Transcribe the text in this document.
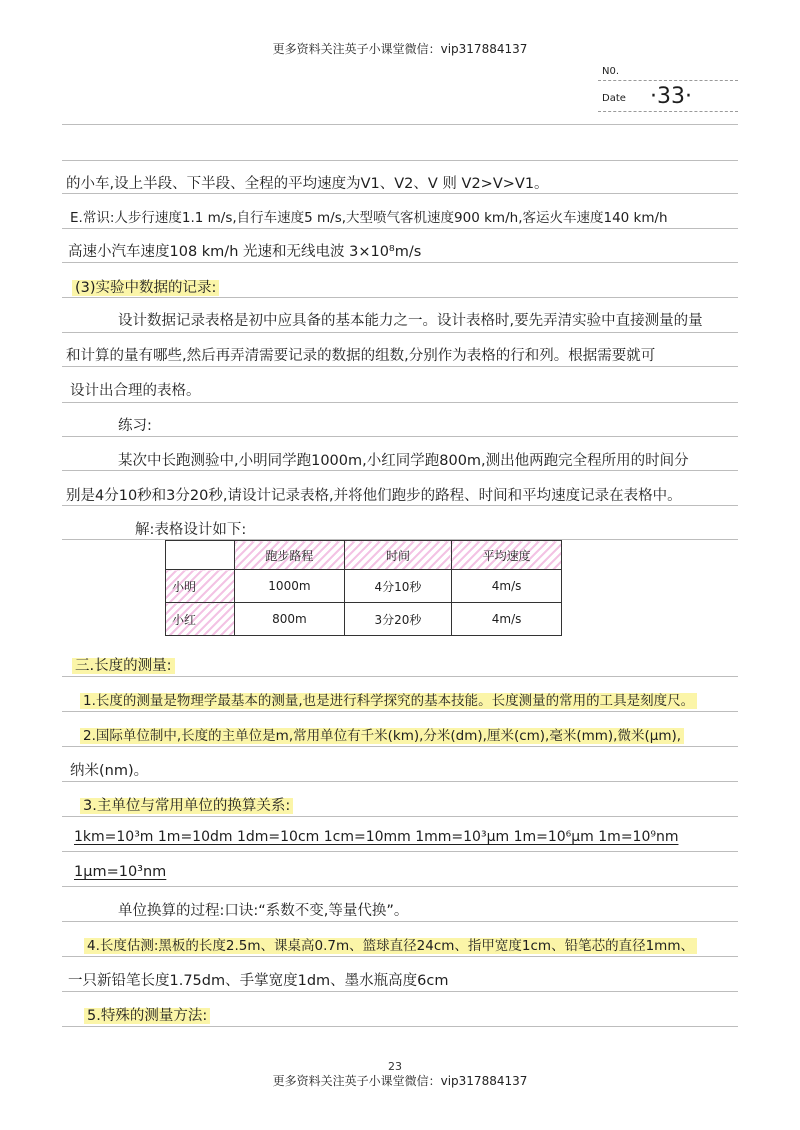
更多资料关注英子小课堂微信：vip317884137
更多资料关注英子小课堂微信：vip317884137
23
N0.
Date ·33·
的小车,设上半段、下半段、全程的平均速度为V1、V2、V 则 V2>V>V1。
E.常识:人步行速度1.1 m/s,自行车速度5 m/s,大型喷气客机速度900 km/h,客运火车速度140 km/h
高速小汽车速度108 km/h 光速和无线电波 3×10⁸m/s
(3)实验中数据的记录:
设计数据记录表格是初中应具备的基本能力之一。设计表格时,要先弄清实验中直接测量的量
和计算的量有哪些,然后再弄清需要记录的数据的组数,分别作为表格的行和列。根据需要就可
设计出合理的表格。
练习:
某次中长跑测验中,小明同学跑1000m,小红同学跑800m,测出他两跑完全程所用的时间分
别是4分10秒和3分20秒,请设计记录表格,并将他们跑步的路程、时间和平均速度记录在表格中。
解:表格设计如下:
	跑步路程	时间	平均速度
小明	1000m	4分10秒	4m/s
小红	800m	3分20秒	4m/s
三.长度的测量:
1.长度的测量是物理学最基本的测量,也是进行科学探究的基本技能。长度测量的常用的工具是刻度尺。
2.国际单位制中,长度的主单位是m,常用单位有千米(km),分米(dm),厘米(cm),毫米(mm),微米(μm),
纳米(nm)。
3.主单位与常用单位的换算关系:
1km=10³m 1m=10dm 1dm=10cm 1cm=10mm 1mm=10³μm 1m=10⁶μm 1m=10⁹nm
1μm=10³nm
单位换算的过程:口诀:“系数不变,等量代换”。
4.长度估测:黑板的长度2.5m、课桌高0.7m、篮球直径24cm、指甲宽度1cm、铅笔芯的直径1mm、
一只新铅笔长度1.75dm、手掌宽度1dm、墨水瓶高度6cm
5.特殊的测量方法:
